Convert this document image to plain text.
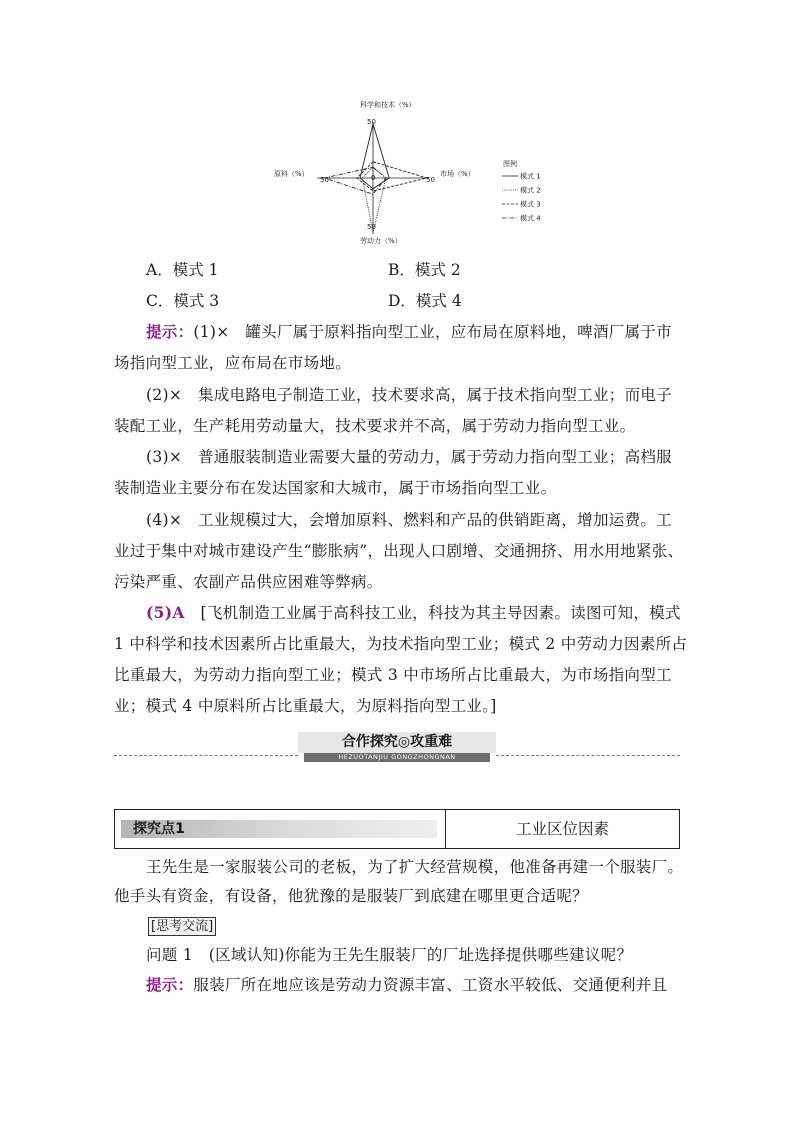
科学和技术（%）
市场（%）
劳动力（%）
原料（%）
50
50
50
50	0
图例
模式 1
模式 2
模式 3
模式 4
A．模式 1	B．模式 2
C．模式 3	D．模式 4
提示：(1)×　 罐头厂属于原料指向型工业，应布局在原料地，啤酒厂属于市
场指向型工业，应布局在市场地。
(2)×　 集成电路电子制造工业，技术要求高，属于技术指向型工业；而电子
装配工业，生产耗用劳动量大，技术要求并不高，属于劳动力指向型工业。
(3)×　 普通服装制造业需要大量的劳动力，属于劳动力指向型工业；高档服
装制造业主要分布在发达国家和大城市，属于市场指向型工业。
(4)×　 工业规模过大，会增加原料、燃料和产品的供销距离，增加运费。工
业过于集中对城市建设产生“膨胀病”，出现人口剧增、交通拥挤、用水用地紧张、
污染严重、农副产品供应困难等弊病。
(5)A　 [飞机制造工业属于高科技工业，科技为其主导因素。读图可知，模式
1 中科学和技术因素所占比重最大，为技术指向型工业；模式 2 中劳动力因素所占
比重最大，为劳动力指向型工业；模式 3 中市场所占比重最大，为市场指向型工
业；模式 4 中原料所占比重最大，为原料指向型工业。]
合作探究◎攻重难
HEZUOTANJIU GONGZHONGNAN
探究点1	工业区位因素
王先生是一家服装公司的老板，为了扩大经营规模，他准备再建一个服装厂。
他手头有资金，有设备，他犹豫的是服装厂到底建在哪里更合适呢？
[思考交流]
问题 1　(区域认知)你能为王先生服装厂的厂址选择提供哪些建议呢？
提示：服装厂所在地应该是劳动力资源丰富、工资水平较低、交通便利并且
